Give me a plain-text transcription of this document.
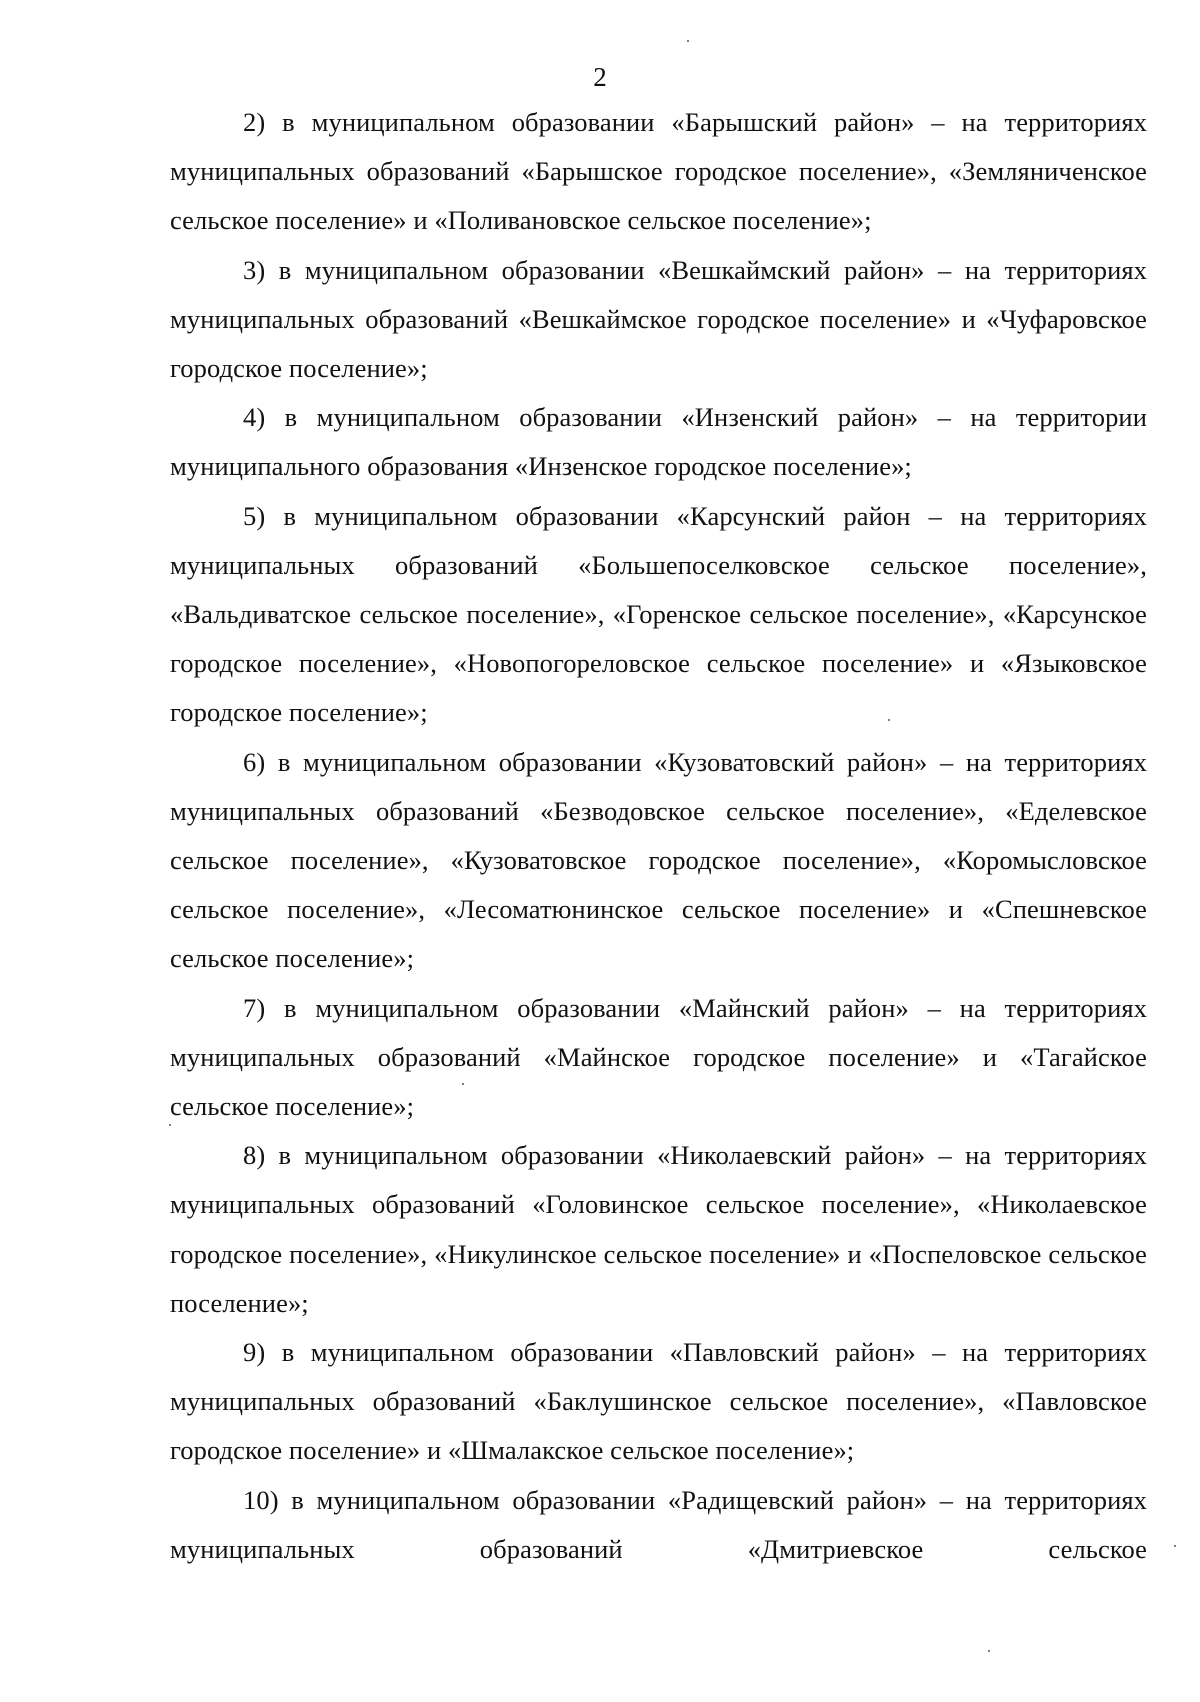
2

2) в муниципальном образовании «Барышский район» – на территориях муниципальных образований «Барышское городское поселение», «Земляниченское сельское поселение» и «Поливановское сельское поселение»;

3) в муниципальном образовании «Вешкаймский район» – на территориях муниципальных образований «Вешкаймское городское поселение» и «Чуфаровское городское поселение»;

4) в муниципальном образовании «Инзенский район» – на территории муниципального образования «Инзенское городское поселение»;

5) в муниципальном образовании «Карсунский район – на территориях муниципальных образований «Большепоселковское сельское поселение», «Вальдиватское сельское поселение», «Горенское сельское поселение», «Карсунское городское поселение», «Новопогореловское сельское поселение» и «Языковское городское поселение»;

6) в муниципальном образовании «Кузоватовский район» – на территориях муниципальных образований «Безводовское сельское поселение», «Еделевское сельское поселение», «Кузоватовское городское поселение», «Коромысловское сельское поселение», «Лесоматюнинское сельское поселение» и «Спешневское сельское поселение»;

7) в муниципальном образовании «Майнский район» – на территориях муниципальных образований «Майнское городское поселение» и «Тагайское сельское поселение»;

8) в муниципальном образовании «Николаевский район» – на территориях муниципальных образований «Головинское сельское поселение», «Николаевское городское поселение», «Никулинское сельское поселение» и «Поспеловское сельское поселение»;

9) в муниципальном образовании «Павловский район» – на территориях муниципальных образований «Баклушинское сельское поселение», «Павловское городское поселение» и «Шмалакское сельское поселение»;

10) в муниципальном образовании «Радищевский район» – на территориях муниципальных образований «Дмитриевское сельское
